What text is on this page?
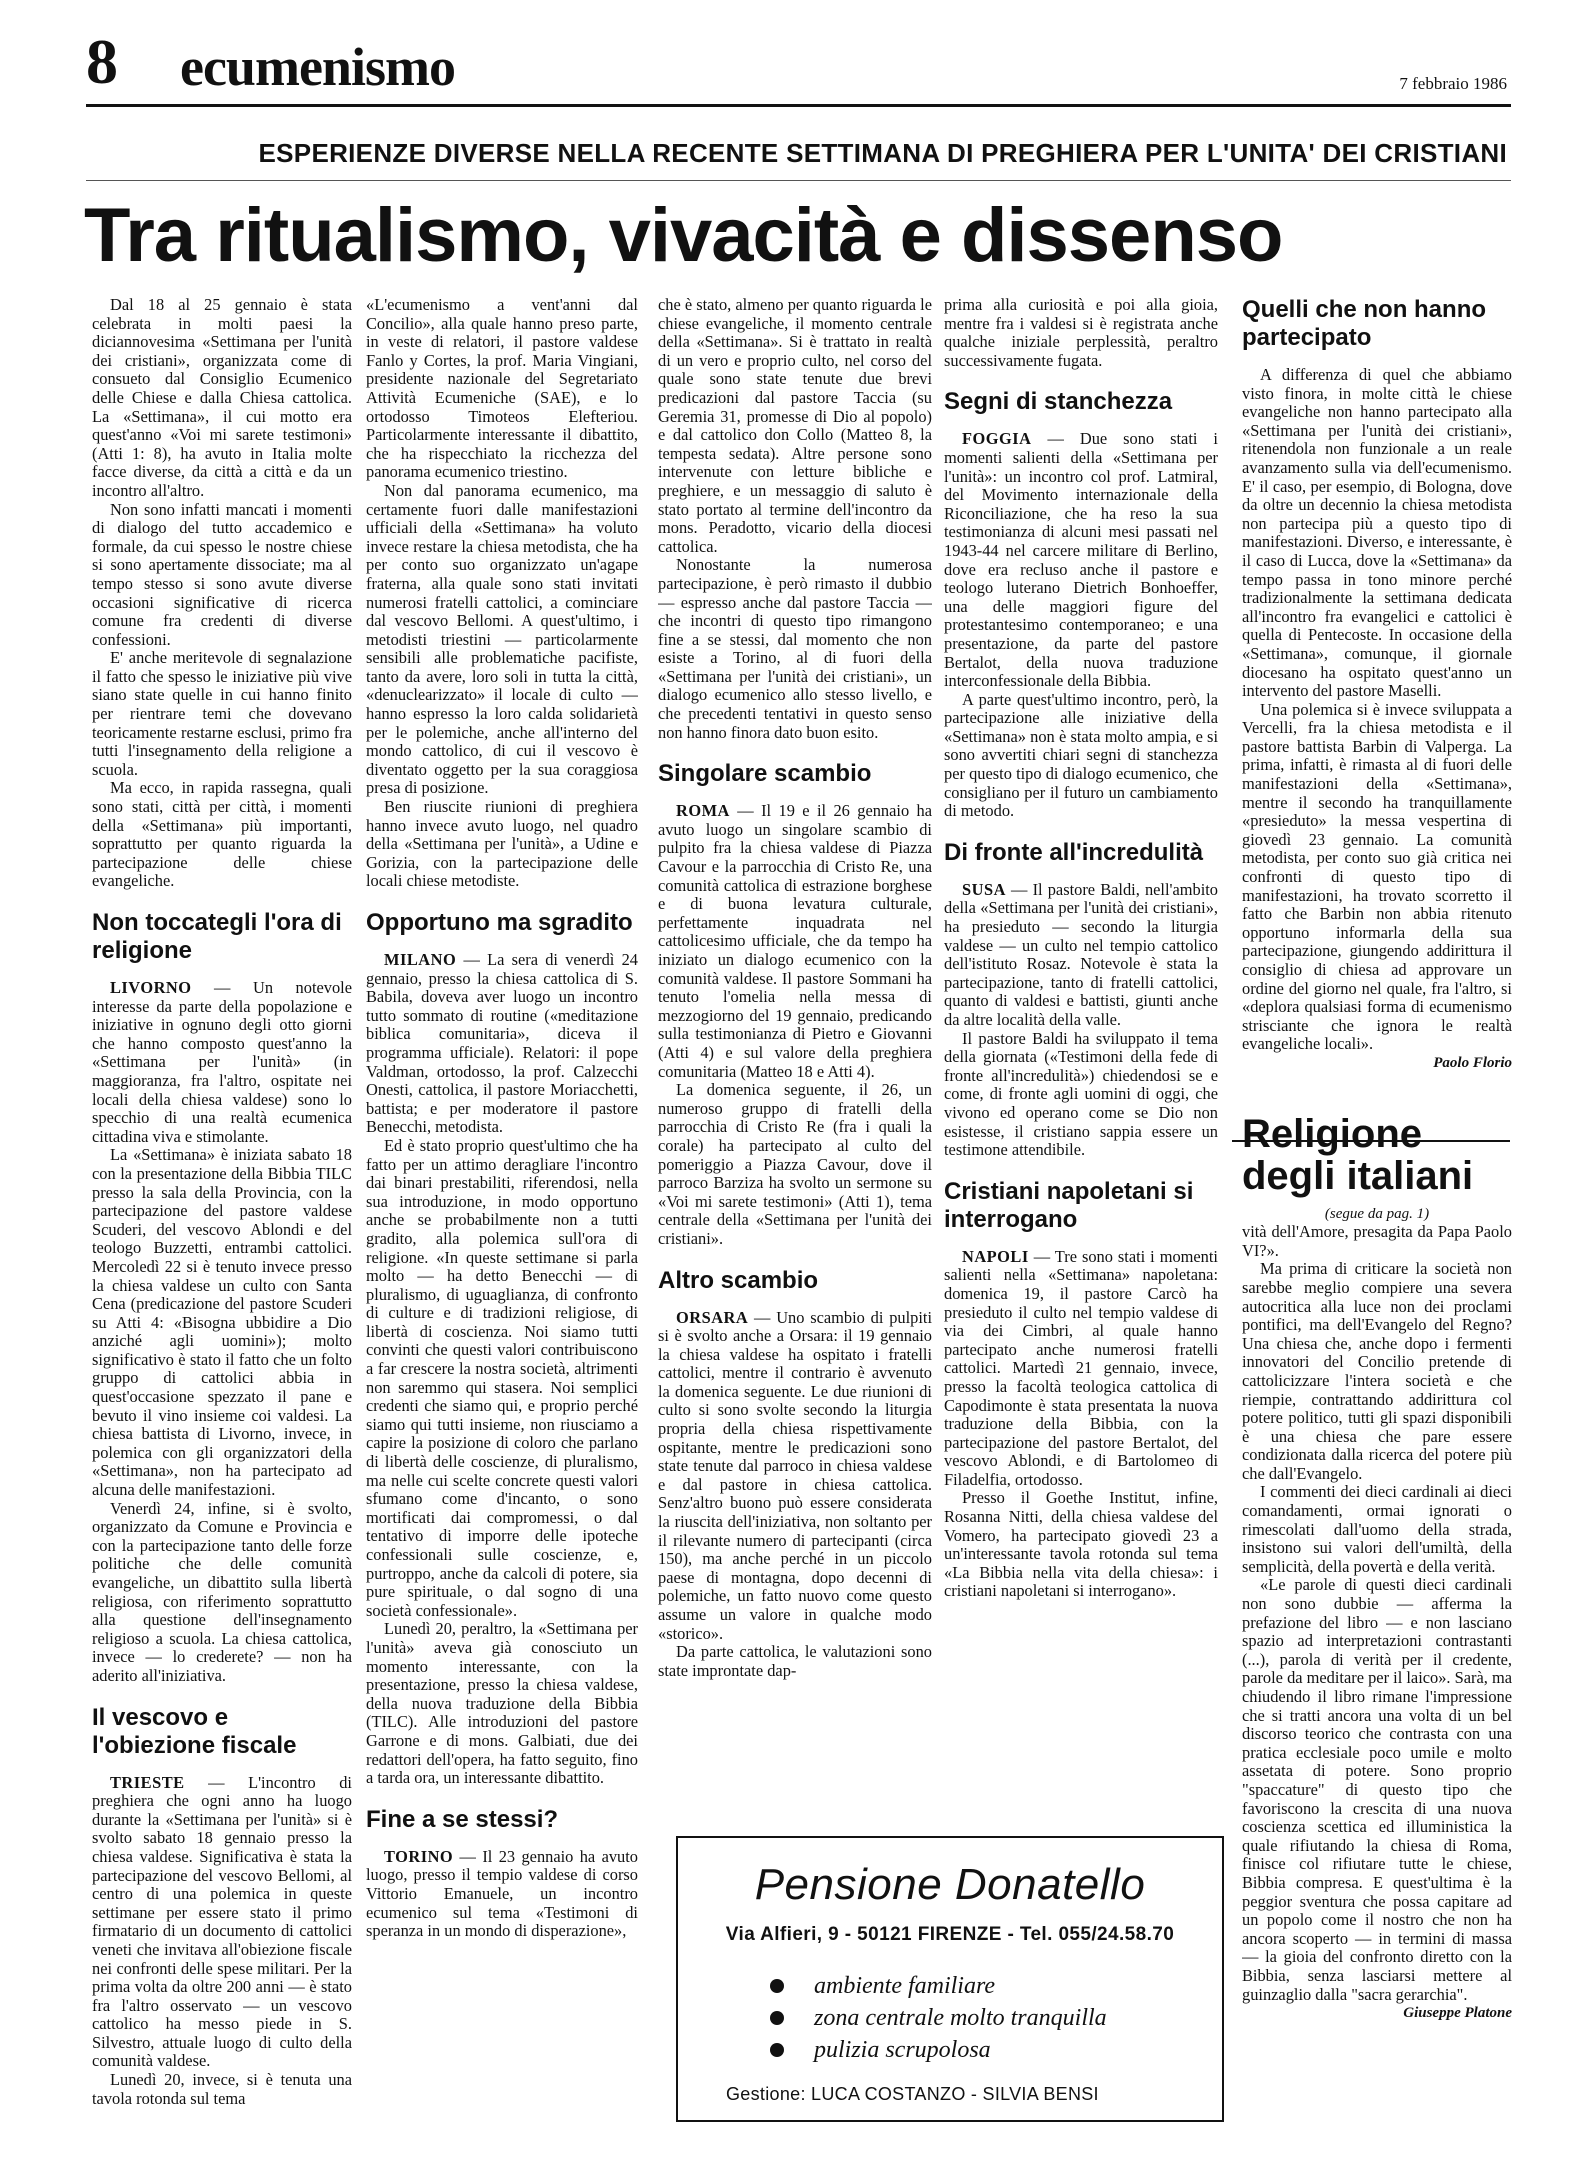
8 ecumenismo	7 febbraio 1986
ESPERIENZE DIVERSE NELLA RECENTE SETTIMANA DI PREGHIERA PER L'UNITA' DEI CRISTIANI
Tra ritualismo, vivacità e dissenso

Dal 18 al 25 gennaio è stata celebrata in molti paesi la diciannovesima «Settimana per l'unità dei cristiani», organizzata come di consueto dal Consiglio Ecumenico delle Chiese e dalla Chiesa cattolica. La «Settimana», il cui motto era quest'anno «Voi mi sarete testimoni» (Atti 1: 8), ha avuto in Italia molte facce diverse, da città a città e da un incontro all'altro.

Non sono infatti mancati i momenti di dialogo del tutto accademico e formale, da cui spesso le nostre chiese si sono apertamente dissociate; ma al tempo stesso si sono avute diverse occasioni significative di ricerca comune fra credenti di diverse confessioni.

E' anche meritevole di segnalazione il fatto che spesso le iniziative più vive siano state quelle in cui hanno finito per rientrare temi che dovevano teoricamente restarne esclusi, primo fra tutti l'insegnamento della religione a scuola.

Ma ecco, in rapida rassegna, quali sono stati, città per città, i momenti della «Settimana» più importanti, soprattutto per quanto riguarda la partecipazione delle chiese evangeliche.

Non toccategli l'ora di religione

LIVORNO — Un notevole interesse da parte della popolazione e iniziative in ognuno degli otto giorni che hanno composto quest'anno la «Settimana per l'unità» (in maggioranza, fra l'altro, ospitate nei locali della chiesa valdese) sono lo specchio di una realtà ecumenica cittadina viva e stimolante.

La «Settimana» è iniziata sabato 18 con la presentazione della Bibbia TILC presso la sala della Provincia, con la partecipazione del pastore valdese Scuderi, del vescovo Ablondi e del teologo Buzzetti, entrambi cattolici. Mercoledì 22 si è tenuto invece presso la chiesa valdese un culto con Santa Cena (predicazione del pastore Scuderi su Atti 4: «Bisogna ubbidire a Dio anziché agli uomini»); molto significativo è stato il fatto che un folto gruppo di cattolici abbia in quest'occasione spezzato il pane e bevuto il vino insieme coi valdesi. La chiesa battista di Livorno, invece, in polemica con gli organizzatori della «Settimana», non ha partecipato ad alcuna delle manifestazioni.

Venerdì 24, infine, si è svolto, organizzato da Comune e Provincia e con la partecipazione tanto delle forze politiche che delle comunità evangeliche, un dibattito sulla libertà religiosa, con riferimento soprattutto alla questione dell'insegnamento religioso a scuola. La chiesa cattolica, invece — lo crederete? — non ha aderito all'iniziativa.

Il vescovo e l'obiezione fiscale

TRIESTE — L'incontro di preghiera che ogni anno ha luogo durante la «Settimana per l'unità» si è svolto sabato 18 gennaio presso la chiesa valdese. Significativa è stata la partecipazione del vescovo Bellomi, al centro di una polemica in queste settimane per essere stato il primo firmatario di un documento di cattolici veneti che invitava all'obiezione fiscale nei confronti delle spese militari. Per la prima volta da oltre 200 anni — è stato fra l'altro osservato — un vescovo cattolico ha messo piede in S. Silvestro, attuale luogo di culto della comunità valdese.

Lunedì 20, invece, si è tenuta una tavola rotonda sul tema

«L'ecumenismo a vent'anni dal Concilio», alla quale hanno preso parte, in veste di relatori, il pastore valdese Fanlo y Cortes, la prof. Maria Vingiani, presidente nazionale del Segretariato Attività Ecumeniche (SAE), e lo ortodosso Timoteos Elefteriou. Particolarmente interessante il dibattito, che ha rispecchiato la ricchezza del panorama ecumenico triestino.

Non dal panorama ecumenico, ma certamente fuori dalle manifestazioni ufficiali della «Settimana» ha voluto invece restare la chiesa metodista, che ha per conto suo organizzato un'agape fraterna, alla quale sono stati invitati numerosi fratelli cattolici, a cominciare dal vescovo Bellomi. A quest'ultimo, i metodisti triestini — particolarmente sensibili alle problematiche pacifiste, tanto da avere, loro soli in tutta la città, «denuclearizzato» il locale di culto — hanno espresso la loro calda solidarietà per le polemiche, anche all'interno del mondo cattolico, di cui il vescovo è diventato oggetto per la sua coraggiosa presa di posizione.

Ben riuscite riunioni di preghiera hanno invece avuto luogo, nel quadro della «Settimana per l'unità», a Udine e Gorizia, con la partecipazione delle locali chiese metodiste.

Opportuno ma sgradito

MILANO — La sera di venerdì 24 gennaio, presso la chiesa cattolica di S. Babila, doveva aver luogo un incontro tutto sommato di routine («meditazione biblica comunitaria», diceva il programma ufficiale). Relatori: il pope Valdman, ortodosso, la prof. Calzecchi Onesti, cattolica, il pastore Moriacchetti, battista; e per moderatore il pastore Benecchi, metodista.

Ed è stato proprio quest'ultimo che ha fatto per un attimo deragliare l'incontro dai binari prestabiliti, riferendosi, nella sua introduzione, in modo opportuno anche se probabilmente non a tutti gradito, alla polemica sull'ora di religione. «In queste settimane si parla molto — ha detto Benecchi — di pluralismo, di uguaglianza, di confronto di culture e di tradizioni religiose, di libertà di coscienza. Noi siamo tutti convinti che questi valori contribuiscono a far crescere la nostra società, altrimenti non saremmo qui stasera. Noi semplici credenti che siamo qui, e proprio perché siamo qui tutti insieme, non riusciamo a capire la posizione di coloro che parlano di libertà delle coscienze, di pluralismo, ma nelle cui scelte concrete questi valori sfumano come d'incanto, o sono mortificati dai compromessi, o dal tentativo di imporre delle ipoteche confessionali sulle coscienze, e, purtroppo, anche da calcoli di potere, sia pure spirituale, o dal sogno di una società confessionale».

Lunedì 20, peraltro, la «Settimana per l'unità» aveva già conosciuto un momento interessante, con la presentazione, presso la chiesa valdese, della nuova traduzione della Bibbia (TILC). Alle introduzioni del pastore Garrone e di mons. Galbiati, due dei redattori dell'opera, ha fatto seguito, fino a tarda ora, un interessante dibattito.

Fine a se stessi?

TORINO — Il 23 gennaio ha avuto luogo, presso il tempio valdese di corso Vittorio Emanuele, un incontro ecumenico sul tema «Testimoni di speranza in un mondo di disperazione»,

che è stato, almeno per quanto riguarda le chiese evangeliche, il momento centrale della «Settimana». Si è trattato in realtà di un vero e proprio culto, nel corso del quale sono state tenute due brevi predicazioni dal pastore Taccia (su Geremia 31, promesse di Dio al popolo) e dal cattolico don Collo (Matteo 8, la tempesta sedata). Altre persone sono intervenute con letture bibliche e preghiere, e un messaggio di saluto è stato portato al termine dell'incontro da mons. Peradotto, vicario della diocesi cattolica.

Nonostante la numerosa partecipazione, è però rimasto il dubbio — espresso anche dal pastore Taccia — che incontri di questo tipo rimangono fine a se stessi, dal momento che non esiste a Torino, al di fuori della «Settimana per l'unità dei cristiani», un dialogo ecumenico allo stesso livello, e che precedenti tentativi in questo senso non hanno finora dato buon esito.

Singolare scambio

ROMA — Il 19 e il 26 gennaio ha avuto luogo un singolare scambio di pulpito fra la chiesa valdese di Piazza Cavour e la parrocchia di Cristo Re, una comunità cattolica di estrazione borghese e di buona levatura culturale, perfettamente inquadrata nel cattolicesimo ufficiale, che da tempo ha iniziato un dialogo ecumenico con la comunità valdese. Il pastore Sommani ha tenuto l'omelia nella messa di mezzogiorno del 19 gennaio, predicando sulla testimonianza di Pietro e Giovanni (Atti 4) e sul valore della preghiera comunitaria (Matteo 18 e Atti 4).

La domenica seguente, il 26, un numeroso gruppo di fratelli della parrocchia di Cristo Re (fra i quali la corale) ha partecipato al culto del pomeriggio a Piazza Cavour, dove il parroco Barziza ha svolto un sermone su «Voi mi sarete testimoni» (Atti 1), tema centrale della «Settimana per l'unità dei cristiani».

Altro scambio

ORSARA — Uno scambio di pulpiti si è svolto anche a Orsara: il 19 gennaio la chiesa valdese ha ospitato i fratelli cattolici, mentre il contrario è avvenuto la domenica seguente. Le due riunioni di culto si sono svolte secondo la liturgia propria della chiesa rispettivamente ospitante, mentre le predicazioni sono state tenute dal parroco in chiesa valdese e dal pastore in chiesa cattolica. Senz'altro buono può essere considerata la riuscita dell'iniziativa, non soltanto per il rilevante numero di partecipanti (circa 150), ma anche perché in un piccolo paese di montagna, dopo decenni di polemiche, un fatto nuovo come questo assume un valore in qualche modo «storico».

Da parte cattolica, le valutazioni sono state improntate dap-

prima alla curiosità e poi alla gioia, mentre fra i valdesi si è registrata anche qualche iniziale perplessità, peraltro successivamente fugata.

Segni di stanchezza

FOGGIA — Due sono stati i momenti salienti della «Settimana per l'unità»: un incontro col prof. Latmiral, del Movimento internazionale della Riconciliazione, che ha reso la sua testimonianza di alcuni mesi passati nel 1943-44 nel carcere militare di Berlino, dove era recluso anche il pastore e teologo luterano Dietrich Bonhoeffer, una delle maggiori figure del protestantesimo contemporaneo; e una presentazione, da parte del pastore Bertalot, della nuova traduzione interconfessionale della Bibbia.

A parte quest'ultimo incontro, però, la partecipazione alle iniziative della «Settimana» non è stata molto ampia, e si sono avvertiti chiari segni di stanchezza per questo tipo di dialogo ecumenico, che consigliano per il futuro un cambiamento di metodo.

Di fronte all'incredulità

SUSA — Il pastore Baldi, nell'ambito della «Settimana per l'unità dei cristiani», ha presieduto — secondo la liturgia valdese — un culto nel tempio cattolico dell'istituto Rosaz. Notevole è stata la partecipazione, tanto di fratelli cattolici, quanto di valdesi e battisti, giunti anche da altre località della valle.

Il pastore Baldi ha sviluppato il tema della giornata («Testimoni della fede di fronte all'incredulità») chiedendosi se e come, di fronte agli uomini di oggi, che vivono ed operano come se Dio non esistesse, il cristiano sappia essere un testimone attendibile.

Cristiani napoletani si interrogano

NAPOLI — Tre sono stati i momenti salienti nella «Settimana» napoletana: domenica 19, il pastore Carcò ha presieduto il culto nel tempio valdese di via dei Cimbri, al quale hanno partecipato anche numerosi fratelli cattolici. Martedì 21 gennaio, invece, presso la facoltà teologica cattolica di Capodimonte è stata presentata la nuova traduzione della Bibbia, con la partecipazione del pastore Bertalot, del vescovo Ablondi, e di Bartolomeo di Filadelfia, ortodosso.

Presso il Goethe Institut, infine, Rosanna Nitti, della chiesa valdese del Vomero, ha partecipato giovedì 23 a un'interessante tavola rotonda sul tema «La Bibbia nella vita della chiesa»: i cristiani napoletani si interrogano».

Quelli che non hanno partecipato

A differenza di quel che abbiamo visto finora, in molte città le chiese evangeliche non hanno partecipato alla «Settimana per l'unità dei cristiani», ritenendola non funzionale a un reale avanzamento sulla via dell'ecumenismo. E' il caso, per esempio, di Bologna, dove da oltre un decennio la chiesa metodista non partecipa più a questo tipo di manifestazioni. Diverso, e interessante, è il caso di Lucca, dove la «Settimana» da tempo passa in tono minore perché tradizionalmente la settimana dedicata all'incontro fra evangelici e cattolici è quella di Pentecoste. In occasione della «Settimana», comunque, il giornale diocesano ha ospitato quest'anno un intervento del pastore Maselli.

Una polemica si è invece sviluppata a Vercelli, fra la chiesa metodista e il pastore battista Barbin di Valperga. La prima, infatti, è rimasta al di fuori delle manifestazioni della «Settimana», mentre il secondo ha tranquillamente «presieduto» la messa vespertina di giovedì 23 gennaio. La comunità metodista, per conto suo già critica nei confronti di questo tipo di manifestazioni, ha trovato scorretto il fatto che Barbin non abbia ritenuto opportuno informarla della sua partecipazione, giungendo addirittura il consiglio di chiesa ad approvare un ordine del giorno nel quale, fra l'altro, si «deplora qualsiasi forma di ecumenismo strisciante che ignora le realtà evangeliche locali».

Paolo Florio

Religione degli italiani

(segue da pag. 1)

vità dell'Amore, presagita da Papa Paolo VI?».

Ma prima di criticare la società non sarebbe meglio compiere una severa autocritica alla luce non dei proclami pontifici, ma dell'Evangelo del Regno? Una chiesa che, anche dopo i fermenti innovatori del Concilio pretende di cattolicizzare l'intera società e che riempie, contrattando addirittura col potere politico, tutti gli spazi disponibili è una chiesa che pare essere condizionata dalla ricerca del potere più che dall'Evangelo.

I commenti dei dieci cardinali ai dieci comandamenti, ormai ignorati o rimescolati dall'uomo della strada, insistono sui valori dell'umiltà, della semplicità, della povertà e della verità.

«Le parole di questi dieci cardinali non sono dubbie — afferma la prefazione del libro — e non lasciano spazio ad interpretazioni contrastanti (...), parola di verità per il credente, parole da meditare per il laico». Sarà, ma chiudendo il libro rimane l'impressione che si tratti ancora una volta di un bel discorso teorico che contrasta con una pratica ecclesiale poco umile e molto assetata di potere. Sono proprio "spaccature" di questo tipo che favoriscono la crescita di una nuova coscienza scettica ed illuministica la quale rifiutando la chiesa di Roma, finisce col rifiutare tutte le chiese, Bibbia compresa. E quest'ultima è la peggior sventura che possa capitare ad un popolo come il nostro che non ha ancora scoperto — in termini di massa — la gioia del confronto diretto con la Bibbia, senza lasciarsi mettere al guinzaglio dalla "sacra gerarchia".

Giuseppe Platone

Pensione Donatello
Via Alfieri, 9 - 50121 FIRENZE - Tel. 055/24.58.70
ambiente familiare
zona centrale molto tranquilla
pulizia scrupolosa
Gestione: LUCA COSTANZO - SILVIA BENSI
